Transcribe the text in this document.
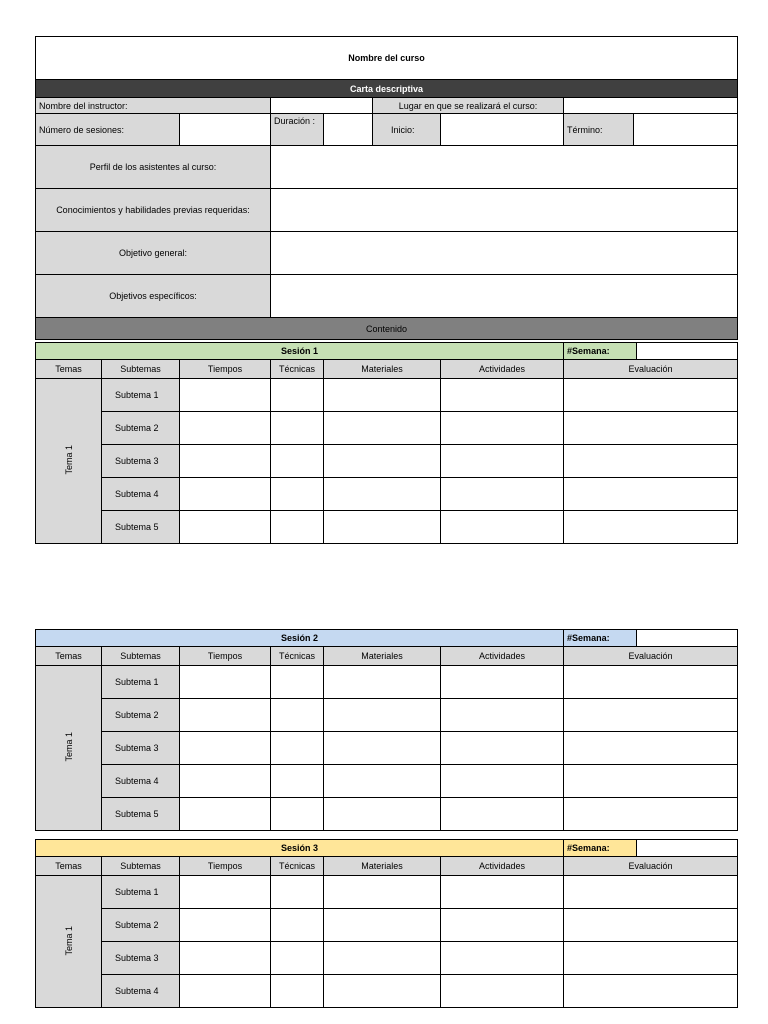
Nombre del curso							
Carta descriptiva							
Nombre del instructor:				Lugar en que se realizará el curso:			
Número de sesiones:		Duración :		Inicio:		Término:	
Perfil de los asistentes al curso:							
Conocimientos y habilidades previas requeridas:							
Objetivo general:							
Objetivos específicos:							
Contenido							
Sesión 1						#Semana:

Temas	Subtemas	Tiempos	Técnicas	Materiales	Actividades	Evaluación
Tema 1	Subtema 1					
	Subtema 2					
	Subtema 3					
	Subtema 4					
	Subtema 5					
Sesión 2						#Semana:

Temas	Subtemas	Tiempos	Técnicas	Materiales	Actividades	Evaluación
Tema 1	Subtema 1					
	Subtema 2					
	Subtema 3					
	Subtema 4					
	Subtema 5					
Sesión 3						#Semana:

Temas	Subtemas	Tiempos	Técnicas	Materiales	Actividades	Evaluación
Tema 1	Subtema 1					
	Subtema 2					
	Subtema 3					
	Subtema 4					
